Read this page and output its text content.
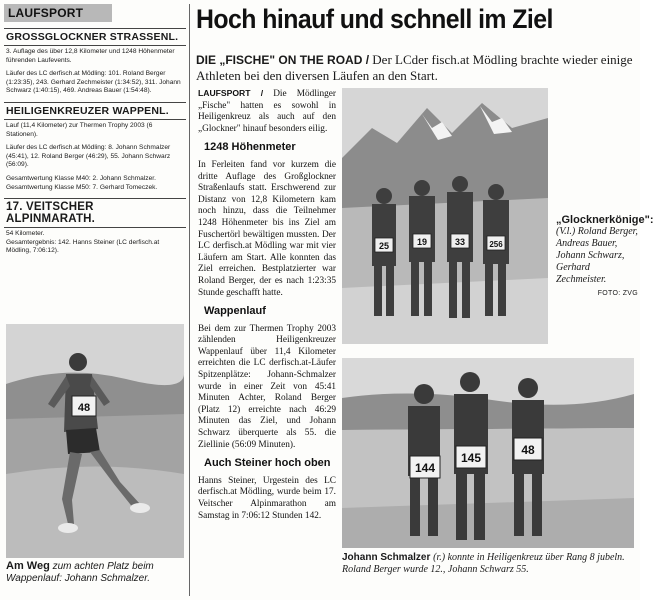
LAUFSPORT
GROSSGLOCKNER STRASSENL.

3. Auflage des über 12,8 Kilometer und 1248 Höhenmeter führenden Laufevents.

Läufer des LC derfisch.at Mödling: 101. Roland Berger (1:23:35), 243. Gerhard Zechmeister (1:34:52), 311. Johann Schwarz (1:40:15), 469. Andreas Bauer (1:54:48).

HEILIGENKREUZER WAPPENL.

Lauf (11,4 Kilometer) zur Thermen Trophy 2003 (6 Stationen).

Läufer des LC derfisch.at Mödling: 8. Johann Schmalzer (45:41), 12. Roland Berger (46:29), 55. Johann Schwarz (56:09).

Gesamtwertung Klasse M40: 2. Johann Schmalzer.

Gesamtwertung Klasse M50: 7. Gerhard Tomeczek.

17. VEITSCHER ALPINMARATH.

54 Kilometer.

Gesamtergebnis: 142. Hanns Steiner (LC derfisch.at Mödling, 7:06:12).

48
Am Weg zum achten Platz beim Wappenlauf: Johann Schmalzer.
Hoch hinauf und schnell im Ziel
DIE „FISCHE" ON THE ROAD / Der LCder fisch.at Mödling brachte wieder einige Athleten bei den diversen Läufen an den Start.

LAUFSPORT / Die Mödlinger „Fische" hatten es sowohl in Heiligenkreuz als auch auf den „Glockner" hinauf besonders eilig.

1248 Höhenmeter

In Ferleiten fand vor kurzem die dritte Auflage des Großglockner Straßenlaufs statt. Erschwerend zur Distanz von 12,8 Kilometern kam noch hinzu, dass die Teilnehmer 1248 Höhenmeter bis ins Ziel am Fuschertörl bewältigen mussten. Der LC derfisch.at Mödling war mit vier Läufern am Start. Alle konnten das Ziel erreichen. Bestplatzierter war Roland Berger, der es nach 1:23:35 Stunde geschafft hatte.

Wappenlauf

Bei dem zur Thermen Trophy 2003 zählenden Heiligenkreuzer Wappenlauf über 11,4 Kilometer erreichten die LC derfisch.at-Läufer Spitzenplätze: Johann-Schmalzer wurde in einer Zeit von 45:41 Minuten Achter, Roland Berger (Platz 12) erreichte nach 46:29 Minuten das Ziel, und Johann Schwarz überquerte als 55. die Ziellinie (56:09 Minuten).

Auch Steiner hoch oben

Hanns Steiner, Urgestein des LC derfisch.at Mödling, wurde beim 17. Veitscher Alpinmarathon am Samstag in 7:06:12 Stunden 142.

25	19	33	256
„Glocknerkönige":
(V.l.) Roland Berger, Andreas Bauer, Johann Schwarz, Gerhard Zechmeister.
FOTO: ZVG
144
145
48
Johann Schmalzer (r.) konnte in Heiligenkreuz über Rang 8 jubeln. Roland Berger wurde 12., Johann Schwarz 55.
